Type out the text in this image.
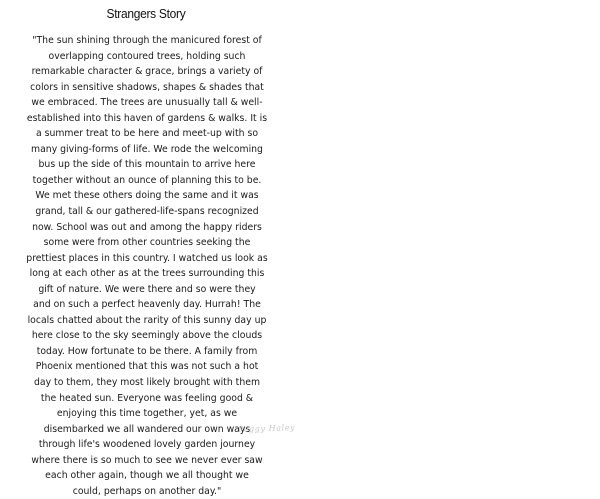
Strangers Story
"The sun shining through the manicured forest of
overlapping contoured trees, holding such
remarkable character & grace, brings a variety of
colors in sensitive shadows, shapes & shades that
we embraced. The trees are unusually tall & well-
established into this haven of gardens & walks. It is
a summer treat to be here and meet-up with so
many giving-forms of life. We rode the welcoming
bus up the side of this mountain to arrive here
together without an ounce of planning this to be.
We met these others doing the same and it was
grand, tall & our gathered-life-spans recognized
now. School was out and among the happy riders
some were from other countries seeking the
prettiest places in this country. I watched us look as
long at each other as at the trees surrounding this
gift of nature. We were there and so were they
and on such a perfect heavenly day. Hurrah! The
locals chatted about the rarity of this sunny day up
here close to the sky seemingly above the clouds
today. How fortunate to be there. A family from
Phoenix mentioned that this was not such a hot
day to them, they most likely brought with them
the heated sun. Everyone was feeling good &
enjoying this time together, yet, as we
disembarked we all wandered our own ways
through life's woodened lovely garden journey
where there is so much to see we never ever saw
each other again, though we all thought we
could, perhaps on another day."
Peggy Haley
